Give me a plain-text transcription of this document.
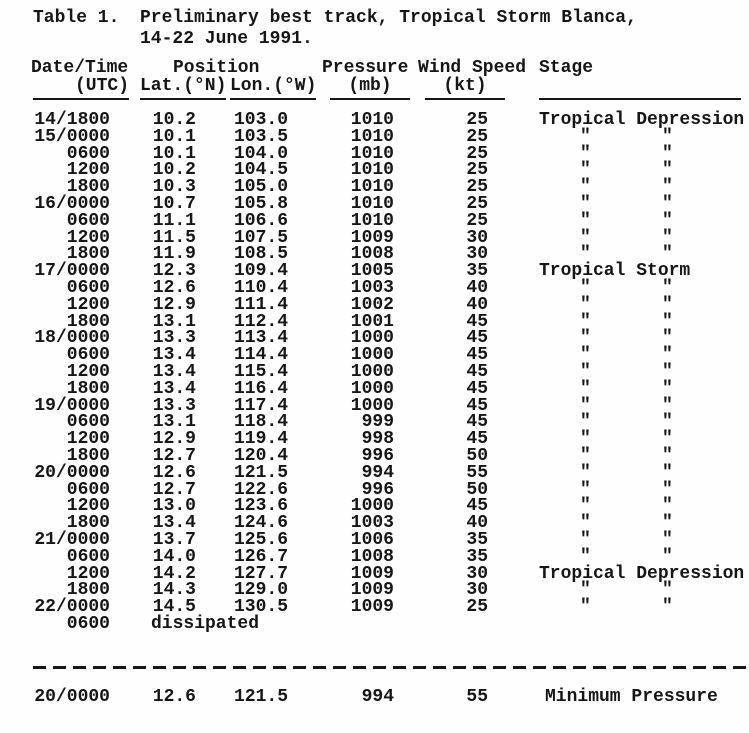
Table 1. Preliminary best track, Tropical Storm Blanca,
14-22 June 1991.
Date/Time Position	Pressure Wind Speed Stage
(UTC) Lat.(°N) Lon.(°W)	(mb)	(kt)
14/1800	10.2	103.0	1010	25	Tropical Depression
15/0000	10.1	103.5	1010	25	"	"
0600	10.1	104.0	1010	25	"	"
1200	10.2	104.5	1010	25	"	"
1800	10.3	105.0	1010	25	"	"
16/0000	10.7	105.8	1010	25	"	"
0600	11.1	106.6	1010	25	"	"
1200	11.5	107.5	1009	30	"	"
1800	11.9	108.5	1008	30	"	"
17/0000	12.3	109.4	1005	35	Tropical Storm
0600	12.6	110.4	1003	40	"	"
1200	12.9	111.4	1002	40	"	"
1800	13.1	112.4	1001	45	"	"
18/0000	13.3	113.4	1000	45	"	"
0600	13.4	114.4	1000	45	"	"
1200	13.4	115.4	1000	45	"	"
1800	13.4	116.4	1000	45	"	"
19/0000	13.3	117.4	1000	45	"	"
0600	13.1	118.4	999	45	"	"
1200	12.9	119.4	998	45	"	"
1800	12.7	120.4	996	50	"	"
20/0000	12.6	121.5	994	55	"	"
0600	12.7	122.6	996	50	"	"
1200	13.0	123.6	1000	45	"	"
1800	13.4	124.6	1003	40	"	"
21/0000	13.7	125.6	1006	35	"	"
0600	14.0	126.7	1008	35	"	"
1200	14.2	127.7	1009	30	Tropical Depression
1800	14.3	129.0	1009	30	"	"
22/0000	14.5	130.5	1009	25	"	"
0600 dissipated
20/0000	12.6	121.5	994	55	Minimum Pressure
